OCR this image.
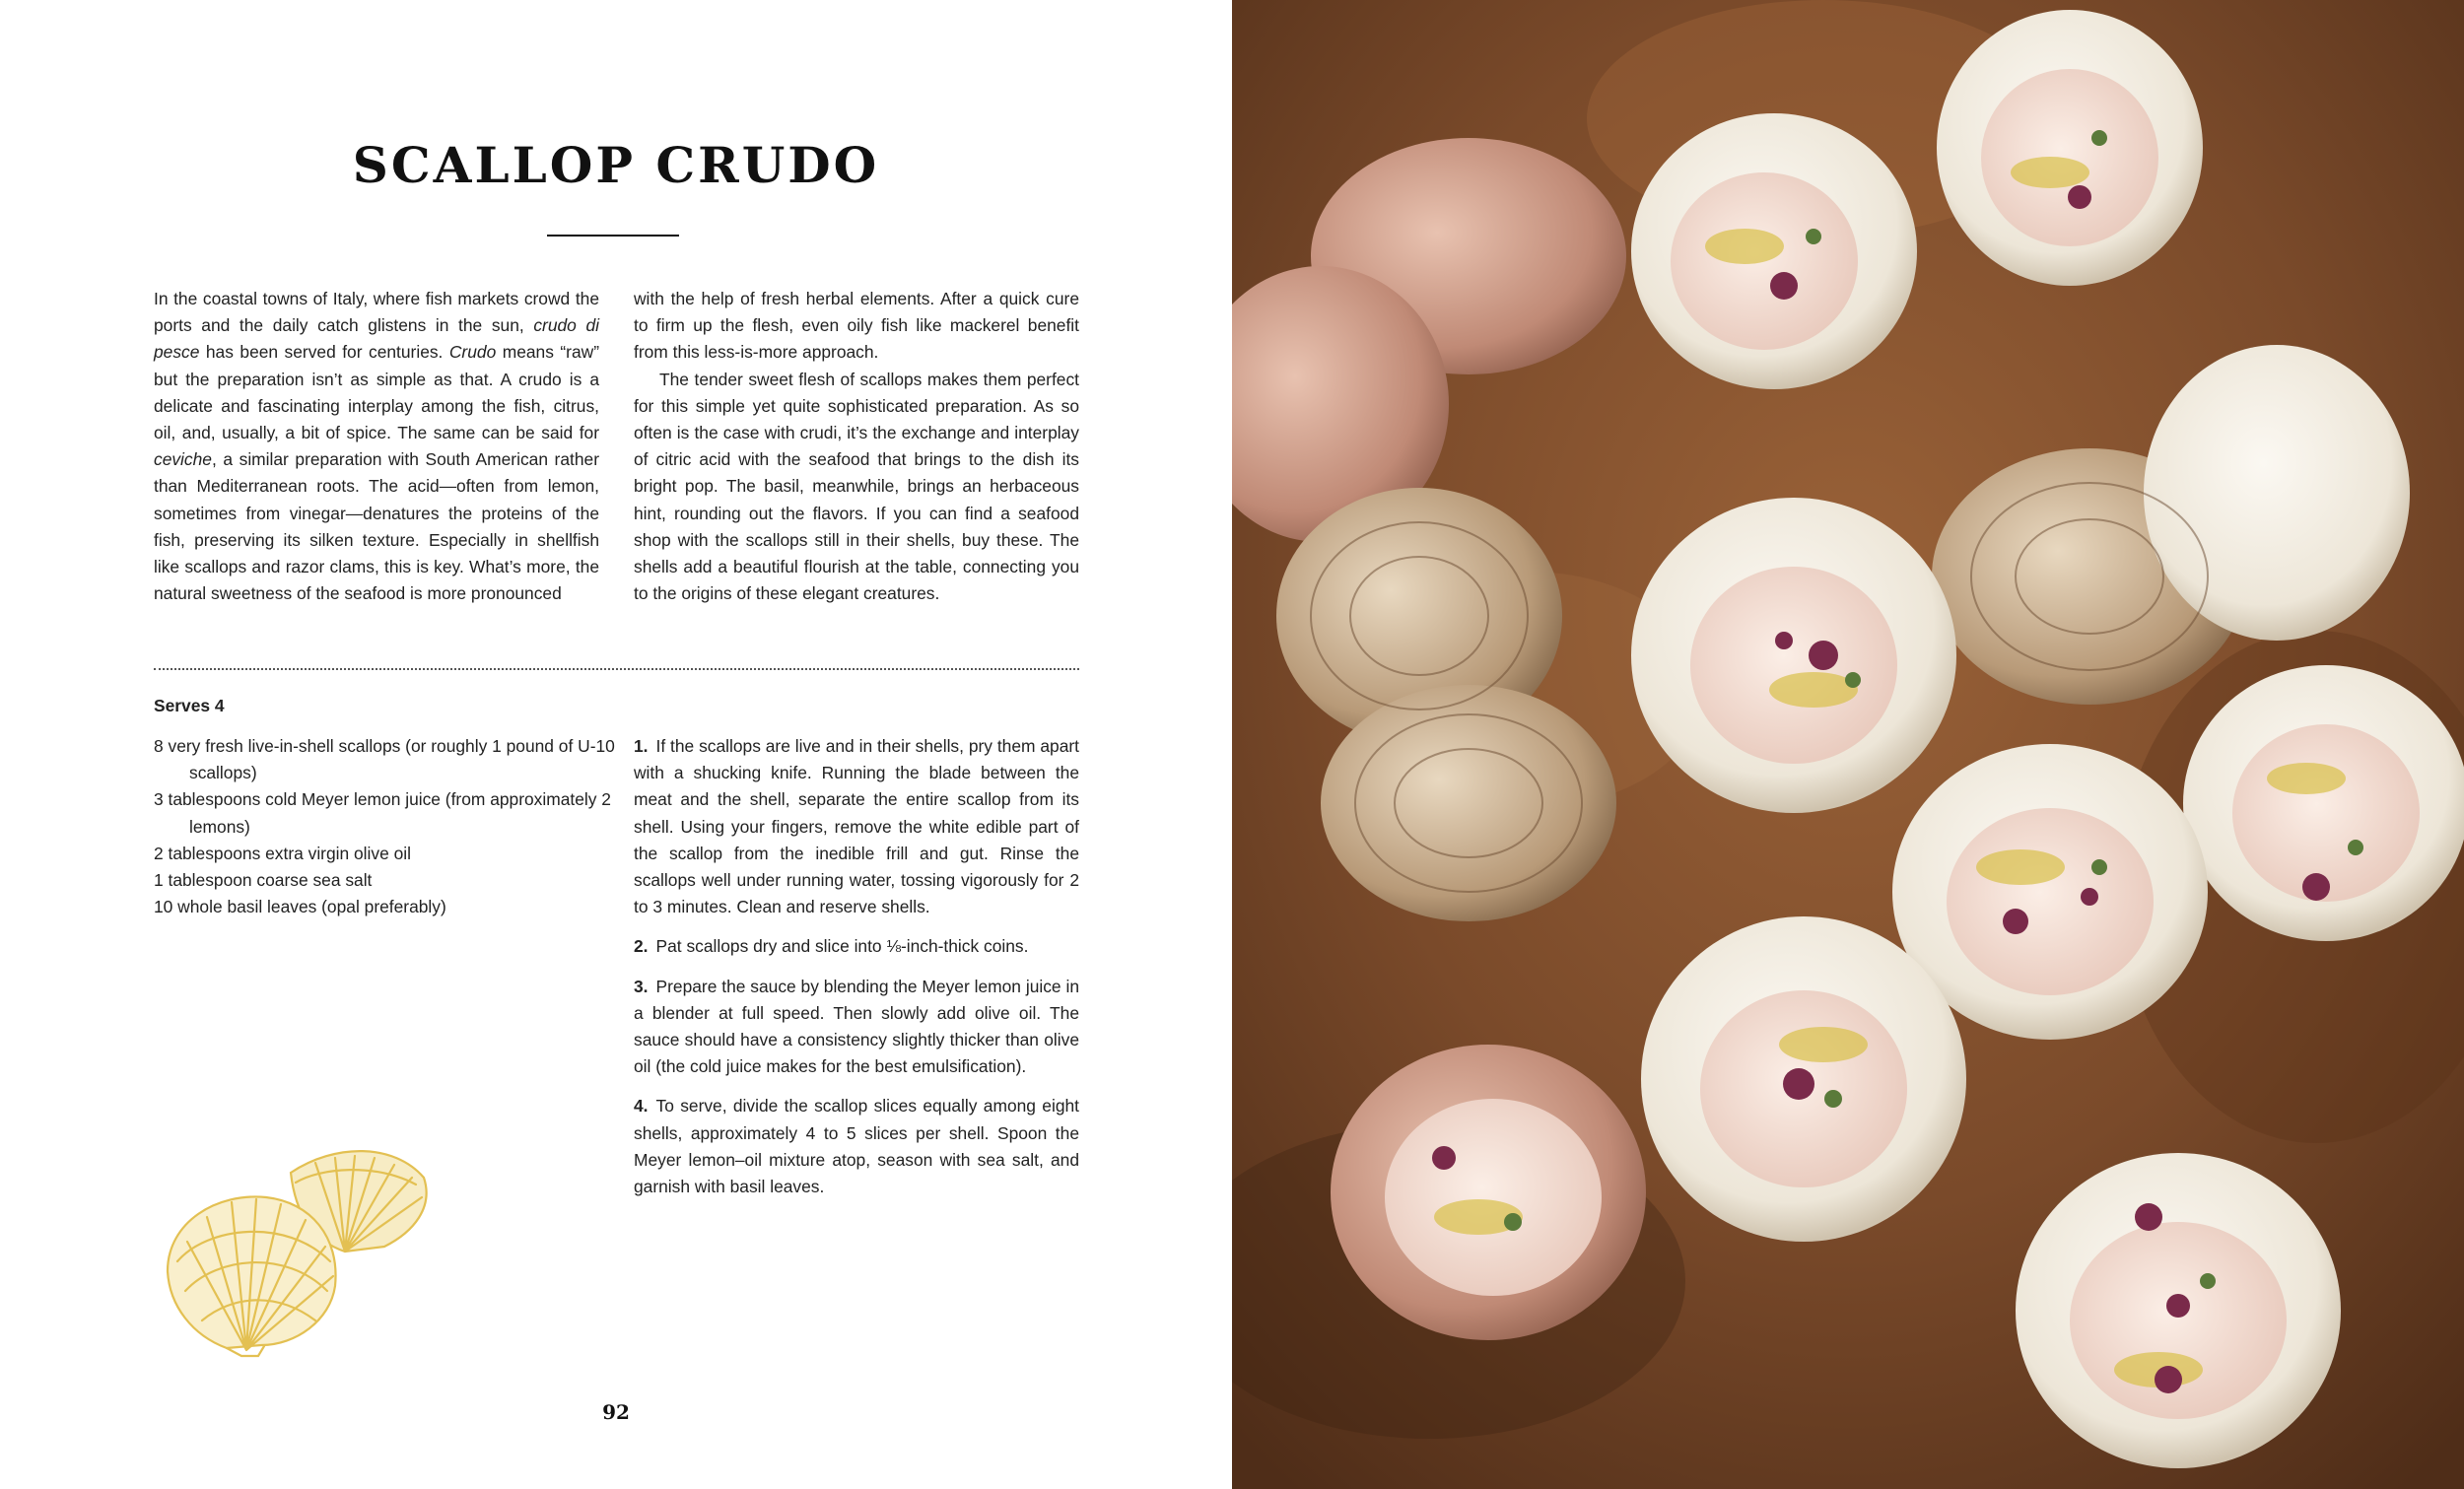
SCALLOP CRUDO

In the coastal towns of Italy, where fish markets crowd the ports and the daily catch glistens in the sun, crudo di pesce has been served for centuries. Crudo means “raw” but the preparation isn’t as simple as that. A crudo is a delicate and fascinating interplay among the fish, citrus, oil, and, usually, a bit of spice. The same can be said for ceviche, a similar preparation with South American rather than Mediterranean roots. The acid—often from lemon, sometimes from vinegar—denatures the proteins of the fish, preserving its silken texture. Especially in shellfish like scallops and razor clams, this is key. What’s more, the natural sweetness of the seafood is more pronounced

with the help of fresh herbal elements. After a quick cure to firm up the flesh, even oily fish like mackerel benefit from this less-is-more approach.

The tender sweet flesh of scallops makes them perfect for this simple yet quite sophisticated preparation. As so often is the case with crudi, it’s the exchange and interplay of citric acid with the seafood that brings to the dish its bright pop. The basil, meanwhile, brings an herbaceous hint, rounding out the flavors. If you can find a seafood shop with the scallops still in their shells, buy these. The shells add a beautiful flourish at the table, connecting you to the origins of these elegant creatures.

Serves 4

8 very fresh live-in-shell scallops (or roughly 1 pound of U-10 scallops)
3 tablespoons cold Meyer lemon juice (from approximately 2 lemons)
2 tablespoons extra virgin olive oil
1 tablespoon coarse sea salt
10 whole basil leaves (opal preferably)
1. If the scallops are live and in their shells, pry them apart with a shucking knife. Running the blade between the meat and the shell, separate the entire scallop from its shell. Using your fingers, remove the white edible part of the scallop from the inedible frill and gut. Rinse the scallops well under running water, tossing vigorously for 2 to 3 minutes. Clean and reserve shells.
2. Pat scallops dry and slice into ⅛-inch-thick coins.
3. Prepare the sauce by blending the Meyer lemon juice in a blender at full speed. Then slowly add olive oil. The sauce should have a consistency slightly thicker than olive oil (the cold juice makes for the best emulsification).
4. To serve, divide the scallop slices equally among eight shells, approximately 4 to 5 slices per shell. Spoon the Meyer lemon–oil mixture atop, season with sea salt, and garnish with basil leaves.
92
